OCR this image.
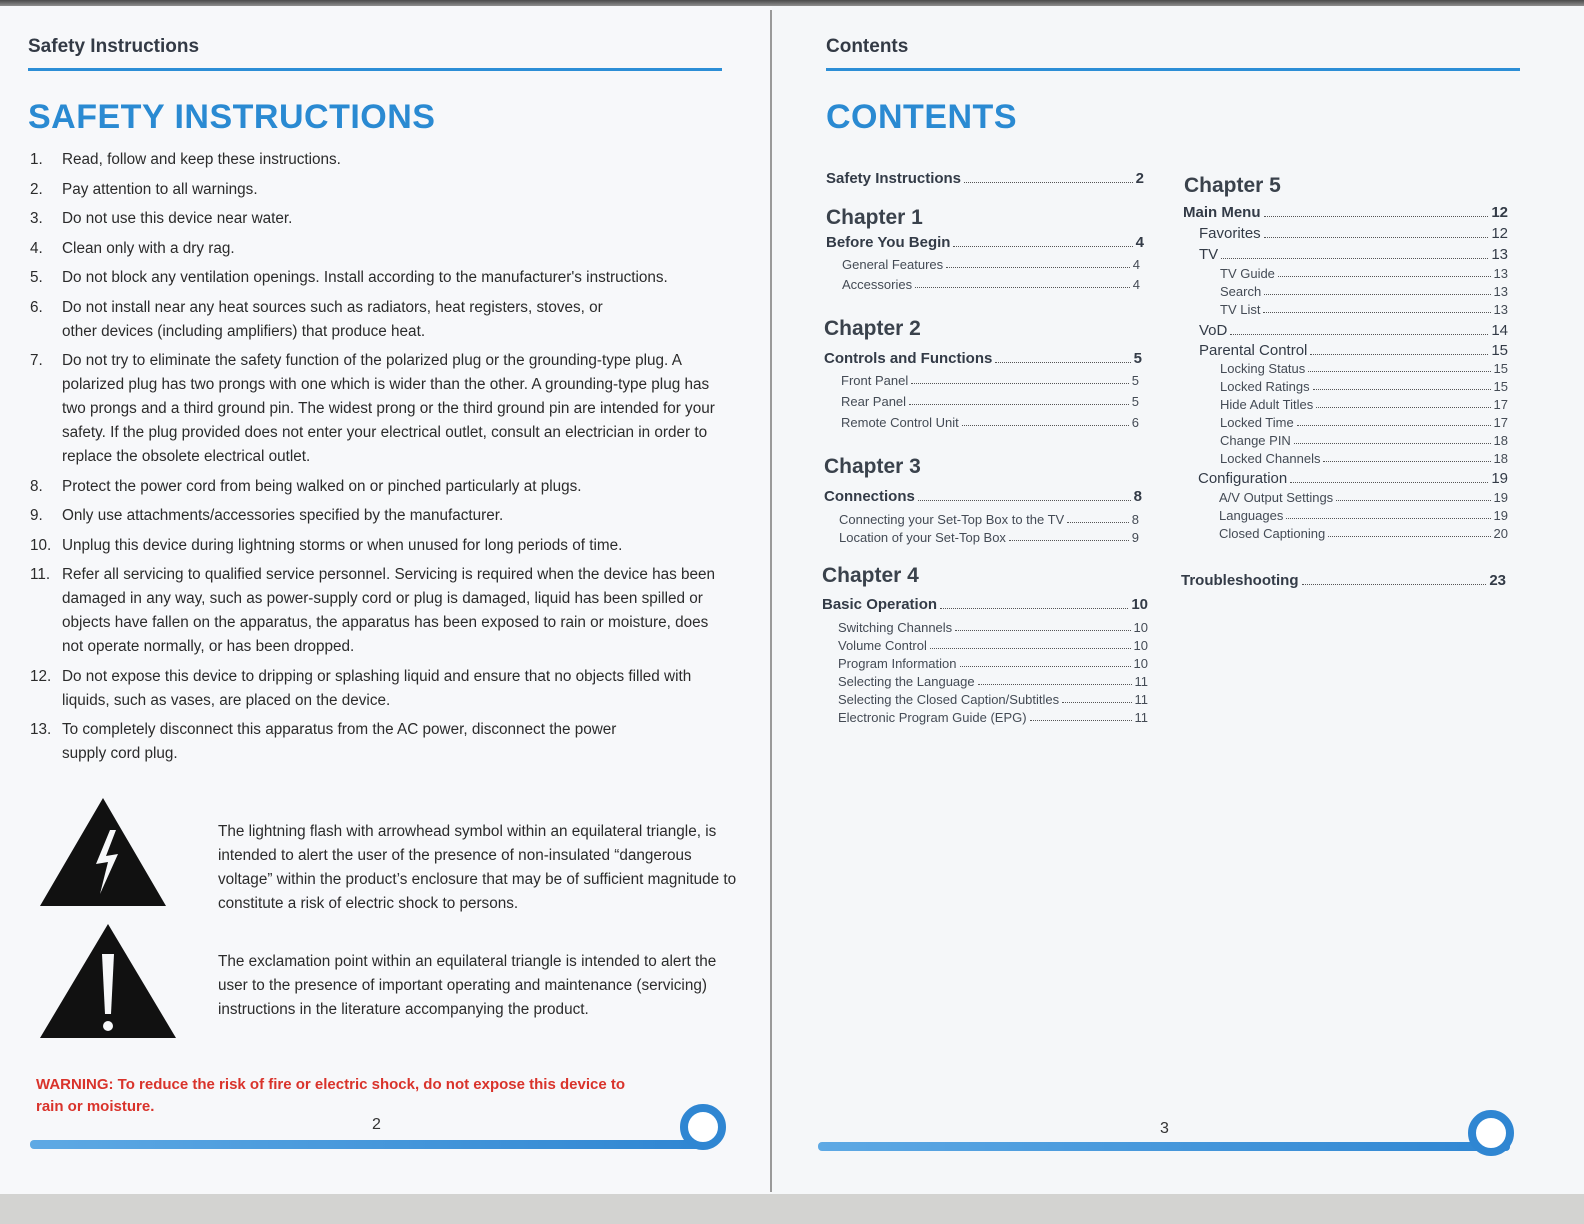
Safety Instructions
SAFETY INSTRUCTIONS
1. Read, follow and keep these instructions.
2. Pay attention to all warnings.
3. Do not use this device near water.
4. Clean only with a dry rag.
5. Do not block any ventilation openings. Install according to the manufacturer's instructions.
6. Do not install near any heat sources such as radiators, heat registers, stoves, or other devices (including amplifiers) that produce heat.
7. Do not try to eliminate the safety function of the polarized plug or the grounding-type plug. A polarized plug has two prongs with one which is wider than the other. A grounding-type plug has two prongs and a third ground pin. The widest prong or the third ground pin are intended for your safety. If the plug provided does not enter your electrical outlet, consult an electrician in order to replace the obsolete electrical outlet.
8. Protect the power cord from being walked on or pinched particularly at plugs.
9. Only use attachments/accessories specified by the manufacturer.
10. Unplug this device during lightning storms or when unused for long periods of time.
11. Refer all servicing to qualified service personnel. Servicing is required when the device has been damaged in any way, such as power-supply cord or plug is damaged, liquid has been spilled or objects have fallen on the apparatus, the apparatus has been exposed to rain or moisture, does not operate normally, or has been dropped.
12. Do not expose this device to dripping or splashing liquid and ensure that no objects filled with liquids, such as vases, are placed on the device.
13. To completely disconnect this apparatus from the AC power, disconnect the power supply cord plug.
The lightning flash with arrowhead symbol within an equilateral triangle, is intended to alert the user of the presence of non-insulated “dangerous voltage” within the product’s enclosure that may be of sufficient magnitude to constitute a risk of electric shock to persons.
The exclamation point within an equilateral triangle is intended to alert the user to the presence of important operating and maintenance (servicing) instructions in the literature accompanying the product.
WARNING: To reduce the risk of fire or electric shock, do not expose this device to rain or moisture.
2
Contents
CONTENTS
Safety Instructions	2
Chapter 1
Before You Begin	4
General Features	4
Accessories	4
Chapter 2
Controls and Functions	5
Front Panel	5
Rear Panel	5
Remote Control Unit	6
Chapter 3
Connections	8
Connecting your Set-Top Box to the TV	8
Location of your Set-Top Box	9
Chapter 4
Basic Operation	10
Switching Channels	10
Volume Control	10
Program Information	10
Selecting the Language	11
Selecting the Closed Caption/Subtitles	11
Electronic Program Guide (EPG)	11
Chapter 5
Main Menu	12
Favorites	12
TV	13
TV Guide	13
Search	13
TV List	13
VoD	14
Parental Control	15
Locking Status	15
Locked Ratings	15
Hide Adult Titles	17
Locked Time	17
Change PIN	18
Locked Channels	18
Configuration	19
A/V Output Settings	19
Languages	19
Closed Captioning	20
Troubleshooting	23
3
